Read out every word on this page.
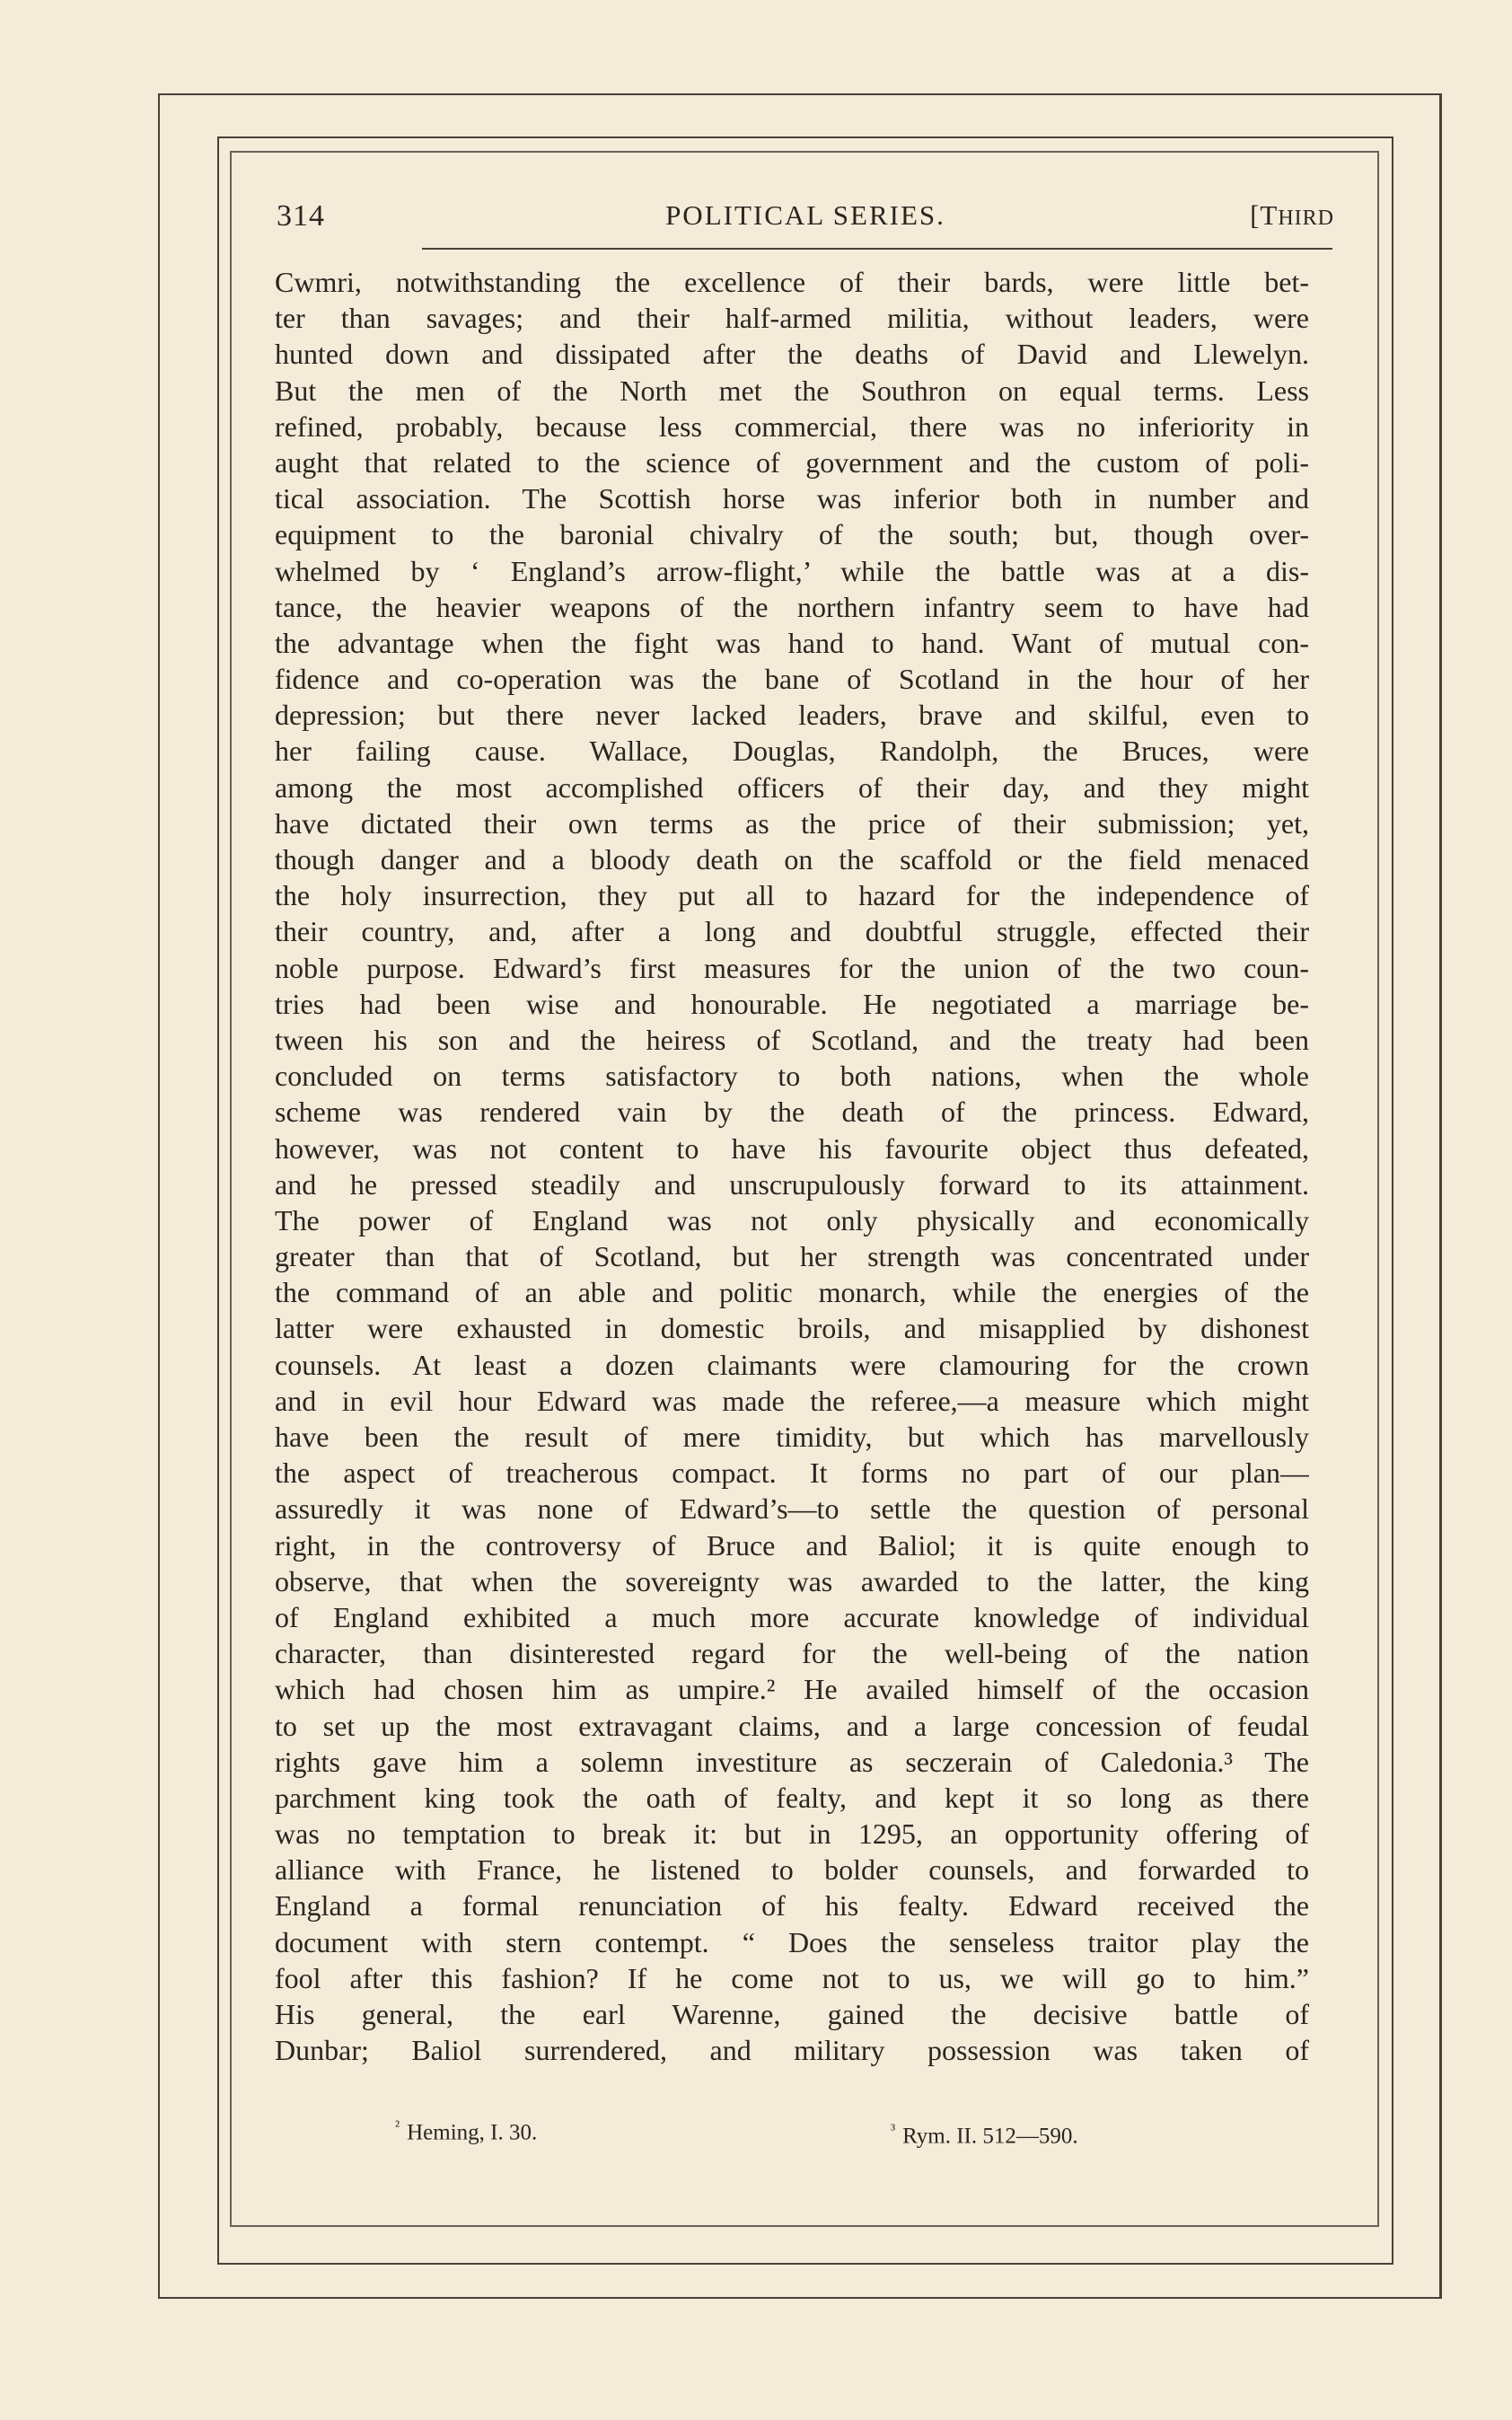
314	POLITICAL SERIES.	[THIRD
Cwmri, notwithstanding the excellence of their bards, were little bet-
ter than savages; and their half-armed militia, without leaders, were
hunted down and dissipated after the deaths of David and Llewelyn.
But the men of the North met the Southron on equal terms. Less
refined, probably, because less commercial, there was no inferiority in
aught that related to the science of government and the custom of poli-
tical association. The Scottish horse was inferior both in number and
equipment to the baronial chivalry of the south; but, though over-
whelmed by ‘ England’s arrow-flight,’ while the battle was at a dis-
tance, the heavier weapons of the northern infantry seem to have had
the advantage when the fight was hand to hand. Want of mutual con-
fidence and co-operation was the bane of Scotland in the hour of her
depression; but there never lacked leaders, brave and skilful, even to
her failing cause. Wallace, Douglas, Randolph, the Bruces, were
among the most accomplished officers of their day, and they might
have dictated their own terms as the price of their submission; yet,
though danger and a bloody death on the scaffold or the field menaced
the holy insurrection, they put all to hazard for the independence of
their country, and, after a long and doubtful struggle, effected their
noble purpose. Edward’s first measures for the union of the two coun-
tries had been wise and honourable. He negotiated a marriage be-
tween his son and the heiress of Scotland, and the treaty had been
concluded on terms satisfactory to both nations, when the whole
scheme was rendered vain by the death of the princess. Edward,
however, was not content to have his favourite object thus defeated,
and he pressed steadily and unscrupulously forward to its attainment.
The power of England was not only physically and economically
greater than that of Scotland, but her strength was concentrated under
the command of an able and politic monarch, while the energies of the
latter were exhausted in domestic broils, and misapplied by dishonest
counsels. At least a dozen claimants were clamouring for the crown
and in evil hour Edward was made the referee,—a measure which might
have been the result of mere timidity, but which has marvellously
the aspect of treacherous compact. It forms no part of our plan—
assuredly it was none of Edward’s—to settle the question of personal
right, in the controversy of Bruce and Baliol; it is quite enough to
observe, that when the sovereignty was awarded to the latter, the king
of England exhibited a much more accurate knowledge of individual
character, than disinterested regard for the well-being of the nation
which had chosen him as umpire.² He availed himself of the occasion
to set up the most extravagant claims, and a large concession of feudal
rights gave him a solemn investiture as seczerain of Caledonia.³ The
parchment king took the oath of fealty, and kept it so long as there
was no temptation to break it: but in 1295, an opportunity offering of
alliance with France, he listened to bolder counsels, and forwarded to
England a formal renunciation of his fealty. Edward received the
document with stern contempt. “ Does the senseless traitor play the
fool after this fashion? If he come not to us, we will go to him.”
His general, the earl Warenne, gained the decisive battle of
Dunbar; Baliol surrendered, and military possession was taken of
$^{^2}$ Heming, I. 30.	$^{^3}$ Rym. II. 512—590.
